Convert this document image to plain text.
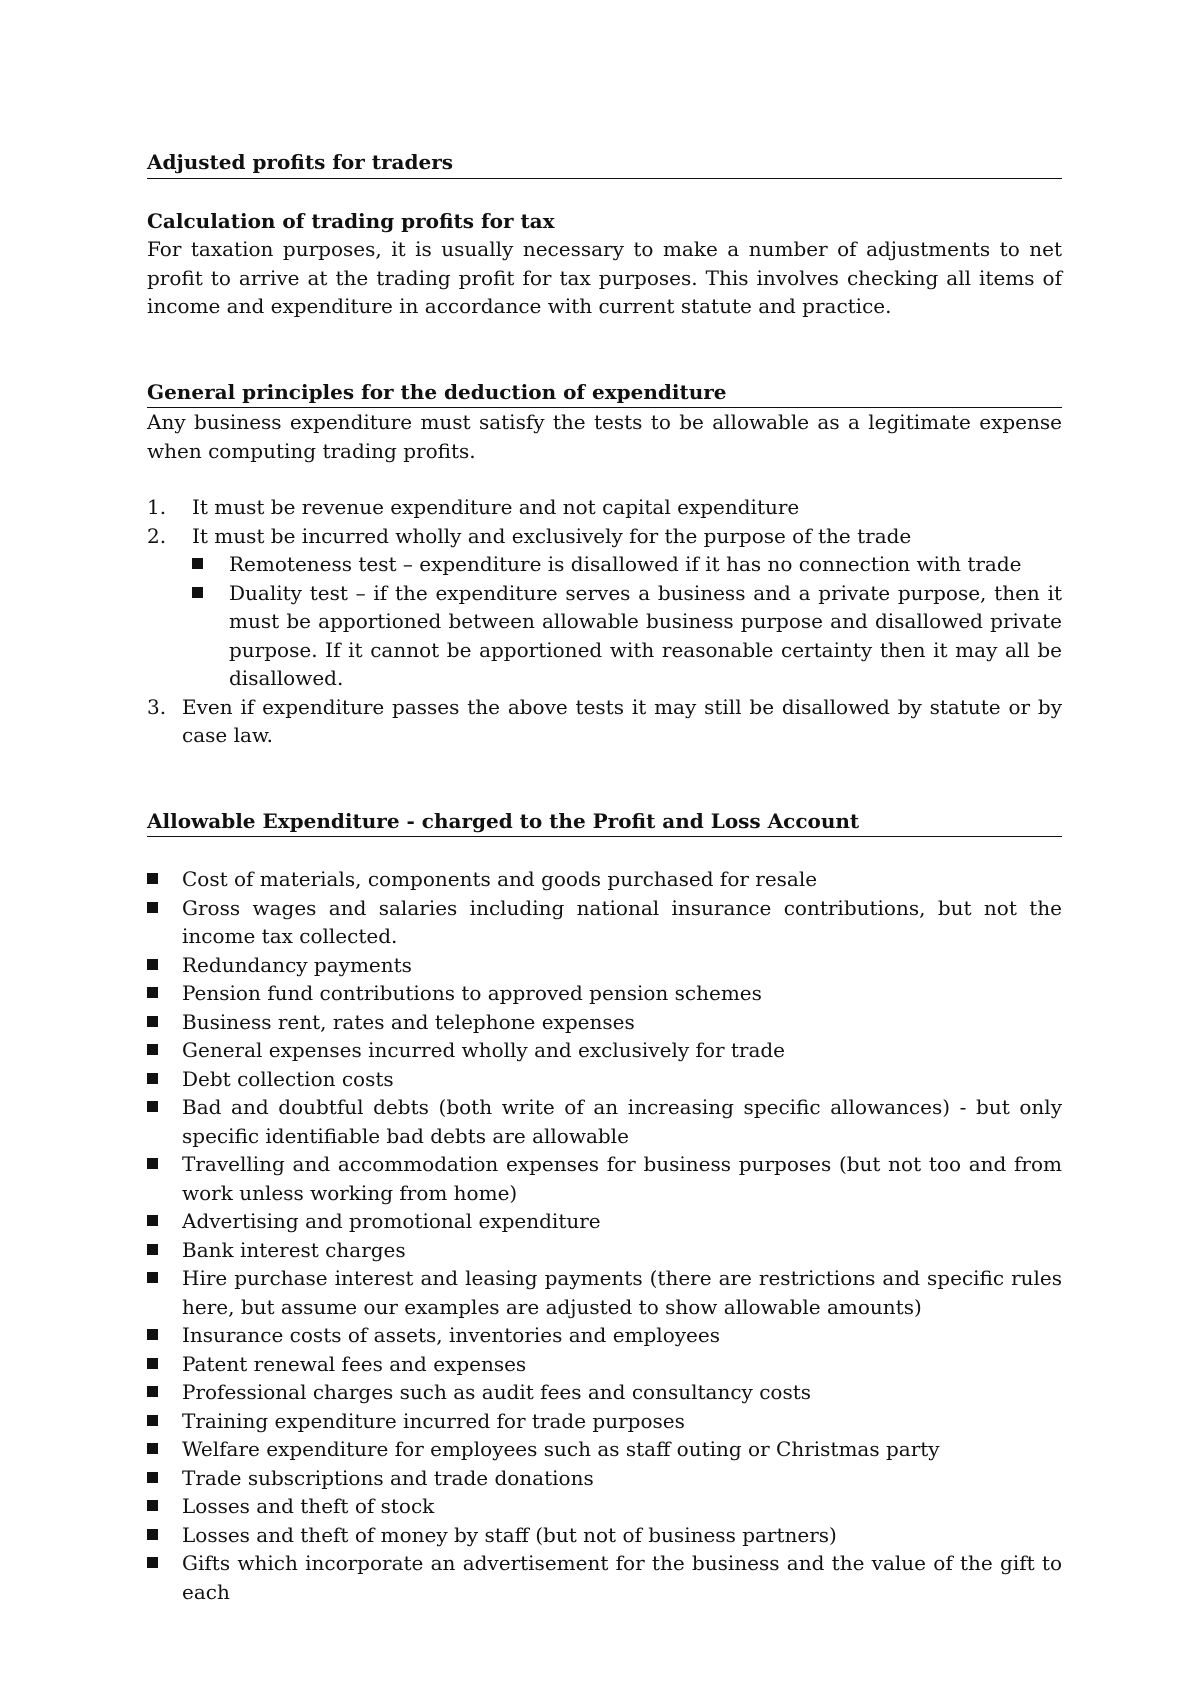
Adjusted profits for traders
Calculation of trading profits for tax

For taxation purposes, it is usually necessary to make a number of adjustments to net profit to arrive at the trading profit for tax purposes. This involves checking all items of income and expenditure in accordance with current statute and practice.

General principles for the deduction of expenditure

Any business expenditure must satisfy the tests to be allowable as a legitimate expense when computing trading profits.

1. It must be revenue expenditure and not capital expenditure
2. It must be incurred wholly and exclusively for the purpose of the trade
Remoteness test – expenditure is disallowed if it has no connection with trade
Duality test – if the expenditure serves a business and a private purpose, then it must be apportioned between allowable business purpose and disallowed private purpose. If it cannot be apportioned with reasonable certainty then it may all be disallowed.
3. Even if expenditure passes the above tests it may still be disallowed by statute or by case law.
Allowable Expenditure - charged to the Profit and Loss Account
Cost of materials, components and goods purchased for resale
Gross wages and salaries including national insurance contributions, but not the income tax collected.
Redundancy payments
Pension fund contributions to approved pension schemes
Business rent, rates and telephone expenses
General expenses incurred wholly and exclusively for trade
Debt collection costs
Bad and doubtful debts (both write of an increasing specific allowances) - but only specific identifiable bad debts are allowable
Travelling and accommodation expenses for business purposes (but not too and from work unless working from home)
Advertising and promotional expenditure
Bank interest charges
Hire purchase interest and leasing payments (there are restrictions and specific rules here, but assume our examples are adjusted to show allowable amounts)
Insurance costs of assets, inventories and employees
Patent renewal fees and expenses
Professional charges such as audit fees and consultancy costs
Training expenditure incurred for trade purposes
Welfare expenditure for employees such as staff outing or Christmas party
Trade subscriptions and trade donations
Losses and theft of stock
Losses and theft of money by staff (but not of business partners)
Gifts which incorporate an advertisement for the business and the value of the gift to each
